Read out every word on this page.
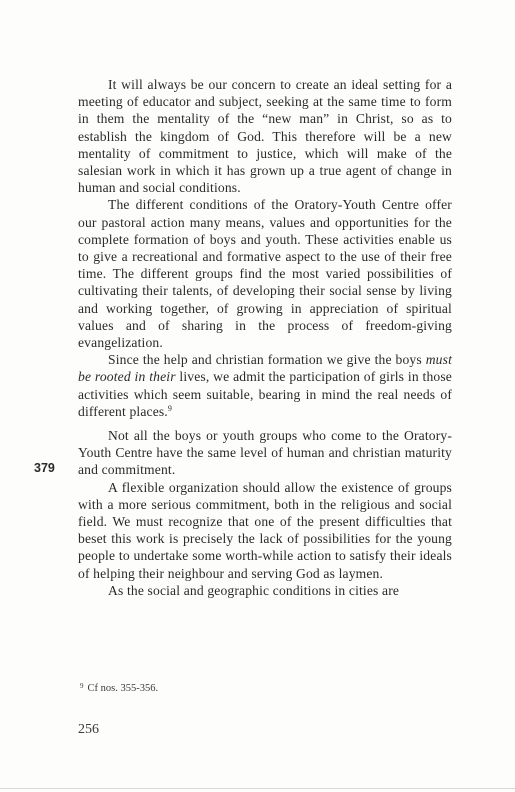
It will always be our concern to create an ideal setting for a meeting of educator and subject, seeking at the same time to form in them the mentality of the “new man” in Christ, so as to establish the kingdom of God. This therefore will be a new mentality of commitment to justice, which will make of the salesian work in which it has grown up a true agent of change in human and social conditions.

The different conditions of the Oratory-Youth Centre offer our pastoral action many means, values and opportunities for the complete formation of boys and youth. These activities enable us to give a recreational and formative aspect to the use of their free time. The different groups find the most varied possibilities of cultivating their talents, of developing their social sense by living and working together, of growing in appreciation of spiritual values and of sharing in the process of freedom-giving evangelization.

Since the help and christian formation we give the boys must be rooted in their lives, we admit the participation of girls in those activities which seem suitable, bearing in mind the real needs of different places.$^9$

Not all the boys or youth groups who come to the Oratory-Youth Centre have the same level of human and christian maturity and commitment.

A flexible organization should allow the existence of groups with a more serious commitment, both in the religious and social field. We must recognize that one of the present difficulties that beset this work is precisely the lack of possibilities for the young people to undertake some worth-while action to satisfy their ideals of helping their neighbour and serving God as laymen.

As the social and geographic conditions in cities are

379
$^9$ Cf nos. 355-356.
256
